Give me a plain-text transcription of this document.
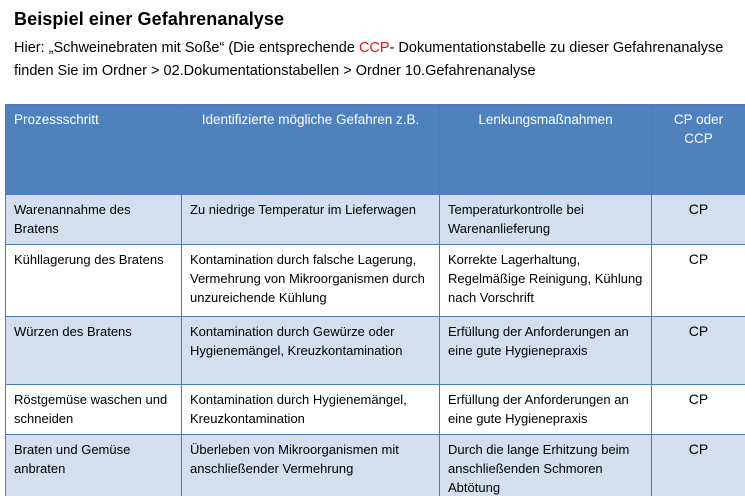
Beispiel einer Gefahrenanalyse
Hier: „Schweinebraten mit Soße“ (Die entsprechende CCP- Dokumentationstabelle zu dieser Gefahrenanalyse finden Sie im Ordner > 02.Dokumentationstabellen > Ordner 10.Gefahrenanalyse
Prozessschritt	Identifizierte mögliche Gefahren z.B.	Lenkungsmaßnahmen	CP oder CCP
Warenannahme des Bratens	Zu niedrige Temperatur im Lieferwagen	Temperaturkontrolle bei Warenanlieferung	CP
Kühllagerung des Bratens	Kontamination durch falsche Lagerung, Vermehrung von Mikroorganismen durch unzureichende Kühlung	Korrekte Lagerhaltung, Regelmäßige Reinigung, Kühlung nach Vorschrift	CP
Würzen des Bratens	Kontamination durch Gewürze oder Hygienemängel, Kreuzkontamination	Erfüllung der Anforderungen an eine gute Hygienepraxis	CP
Röstgemüse waschen und schneiden	Kontamination durch Hygienemängel, Kreuzkontamination	Erfüllung der Anforderungen an eine gute Hygienepraxis	CP
Braten und Gemüse anbraten	Überleben von Mikroorganismen mit anschließender Vermehrung	Durch die lange Erhitzung beim anschließenden Schmoren Abtötung	CP
